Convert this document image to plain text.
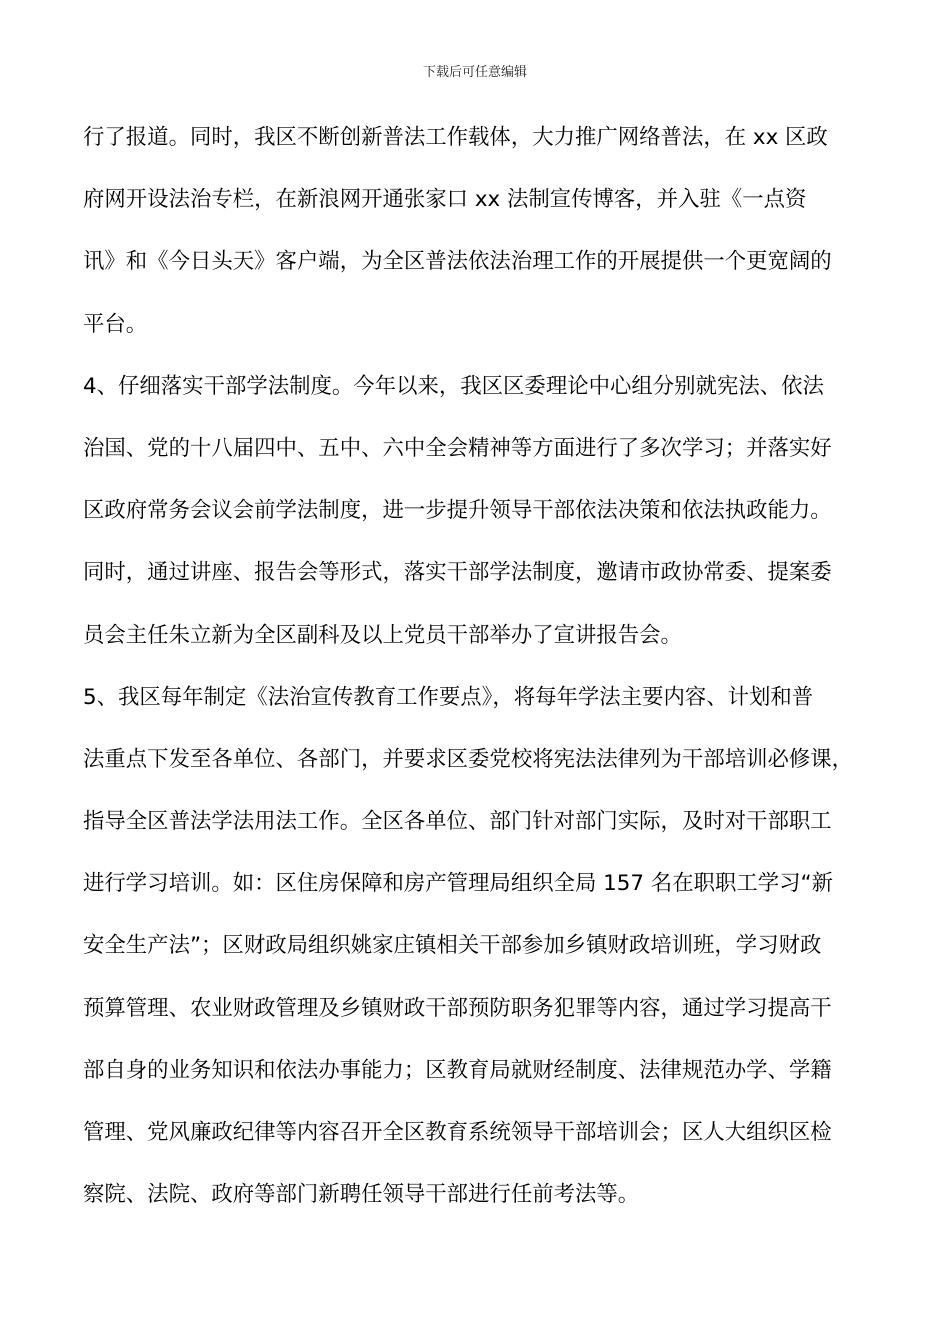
下载后可任意编辑
行了报道。同时，我区不断创新普法工作载体，大力推广网络普法，在 xx 区政
府网开设法治专栏，在新浪网开通张家口 xx 法制宣传博客，并入驻《一点资
讯》和《今日头天》客户端，为全区普法依法治理工作的开展提供一个更宽阔的
平台。
4、仔细落实干部学法制度。今年以来，我区区委理论中心组分别就宪法、依法
治国、党的十八届四中、五中、六中全会精神等方面进行了多次学习；并落实好
区政府常务会议会前学法制度，进一步提升领导干部依法决策和依法执政能力。
同时，通过讲座、报告会等形式，落实干部学法制度，邀请市政协常委、提案委
员会主任朱立新为全区副科及以上党员干部举办了宣讲报告会。
5、我区每年制定《法治宣传教育工作要点》，将每年学法主要内容、计划和普
法重点下发至各单位、各部门，并要求区委党校将宪法法律列为干部培训必修课，
指导全区普法学法用法工作。全区各单位、部门针对部门实际，及时对干部职工
进行学习培训。如：区住房保障和房产管理局组织全局 157 名在职职工学习“新
安全生产法”；区财政局组织姚家庄镇相关干部参加乡镇财政培训班，学习财政
预算管理、农业财政管理及乡镇财政干部预防职务犯罪等内容，通过学习提高干
部自身的业务知识和依法办事能力；区教育局就财经制度、法律规范办学、学籍
管理、党风廉政纪律等内容召开全区教育系统领导干部培训会；区人大组织区检
察院、法院、政府等部门新聘任领导干部进行任前考法等。
